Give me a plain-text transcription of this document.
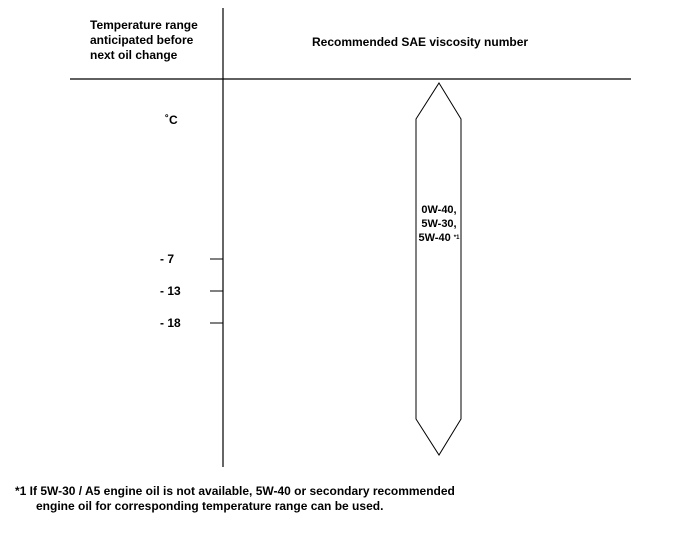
Temperature range
anticipated before
next oil change
Recommended SAE viscosity number
˚C
- 7
- 13
- 18
0W-40,
5W-30,
5W-40 *1
*1 If 5W-30 / A5 engine oil is not available, 5W-40 or secondary recommended
engine oil for corresponding temperature range can be used.
